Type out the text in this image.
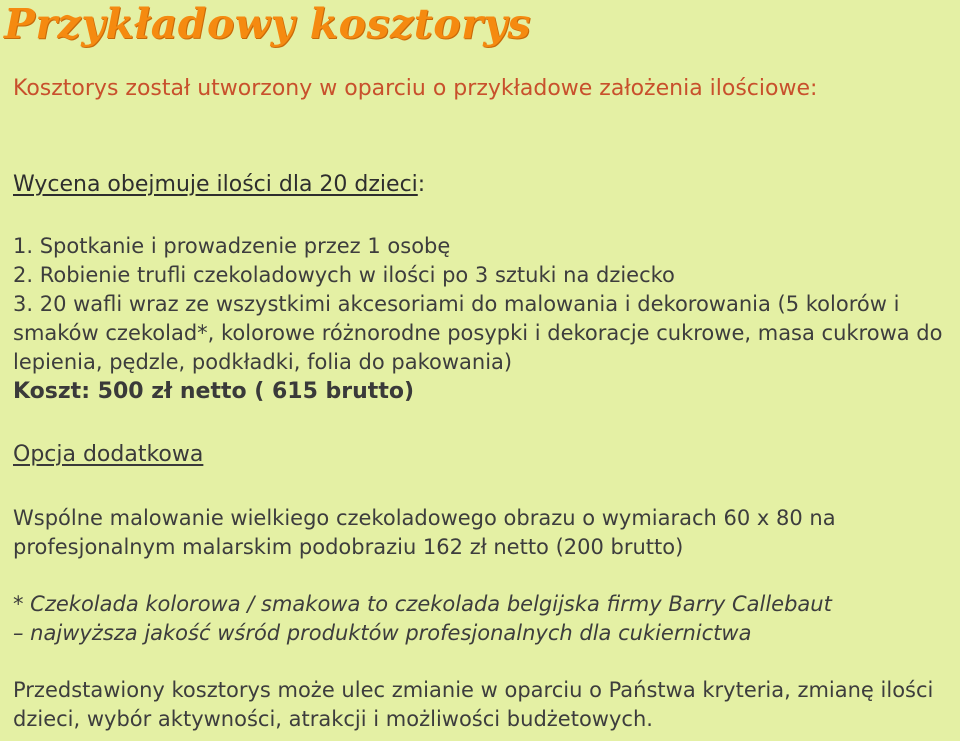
Przykładowy kosztorys

Kosztorys został utworzony w oparciu o przykładowe założenia ilościowe:

Wycena obejmuje ilości dla 20 dzieci:

1. Spotkanie i prowadzenie przez 1 osobę
2. Robienie trufli czekoladowych w ilości po 3 sztuki na dziecko
3. 20 wafli wraz ze wszystkimi akcesoriami do malowania i dekorowania (5 kolorów i smaków czekolad*, kolorowe różnorodne posypki i dekoracje cukrowe, masa cukrowa do lepienia, pędzle, podkładki, folia do pakowania)

Koszt: 500 zł netto ( 615 brutto)

Opcja dodatkowa

Wspólne malowanie wielkiego czekoladowego obrazu o wymiarach 60 x 80 na profesjonalnym malarskim podobraziu 162 zł netto (200 brutto)

* Czekolada kolorowa / smakowa to czekolada belgijska firmy Barry Callebaut
– najwyższa jakość wśród produktów profesjonalnych dla cukiernictwa

Przedstawiony kosztorys może ulec zmianie w oparciu o Państwa kryteria, zmianę ilości dzieci, wybór aktywności, atrakcji i możliwości budżetowych.
